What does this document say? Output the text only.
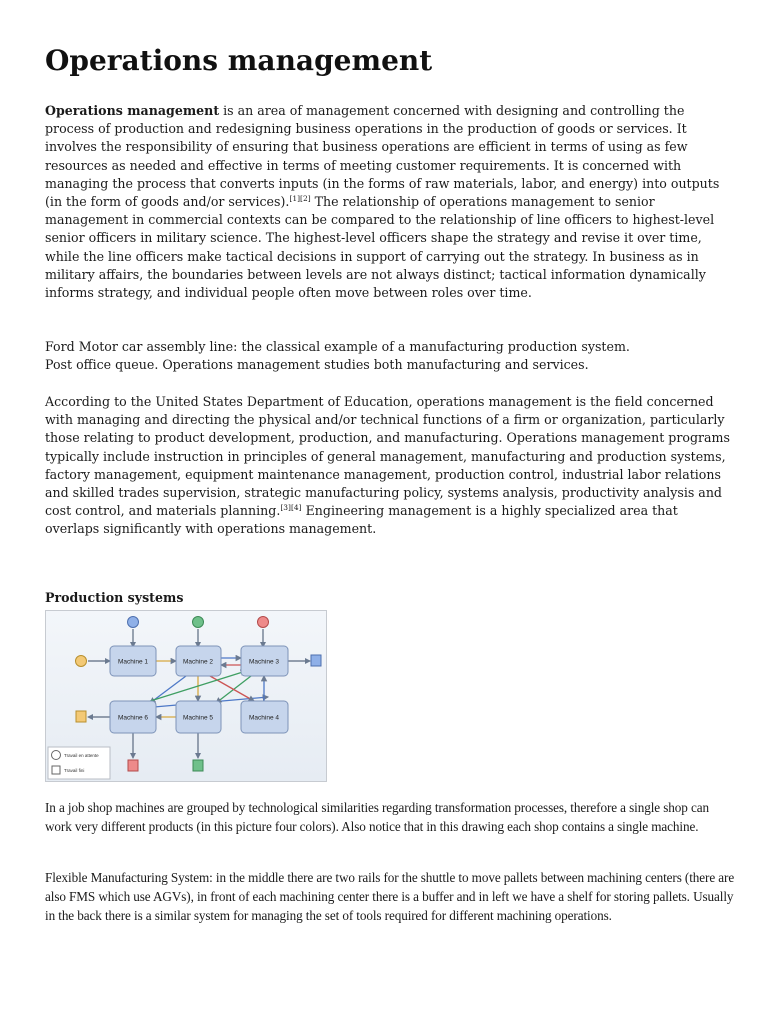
Operations management

Operations management is an area of management concerned with designing and controlling the process of production and redesigning business operations in the production of goods or services. It involves the responsibility of ensuring that business operations are efficient in terms of using as few resources as needed and effective in terms of meeting customer requirements. It is concerned with managing the process that converts inputs (in the forms of raw materials, labor, and energy) into outputs (in the form of goods and/or services).[1][2] The relationship of operations management to senior management in commercial contexts can be compared to the relationship of line officers to highest-level senior officers in military science. The highest-level officers shape the strategy and revise it over time, while the line officers make tactical decisions in support of carrying out the strategy. In business as in military affairs, the boundaries between levels are not always distinct; tactical information dynamically informs strategy, and individual people often move between roles over time.

Ford Motor car assembly line: the classical example of a manufacturing production system.
Post office queue. Operations management studies both manufacturing and services.

According to the United States Department of Education, operations management is the field concerned with managing and directing the physical and/or technical functions of a firm or organization, particularly those relating to product development, production, and manufacturing. Operations management programs typically include instruction in principles of general management, manufacturing and production systems, factory management, equipment maintenance management, production control, industrial labor relations and skilled trades supervision, strategic manufacturing policy, systems analysis, productivity analysis and cost control, and materials planning.[3][4] Engineering management is a highly specialized area that overlaps significantly with operations management.

Production systems
Machine 1	Machine 2	Machine 3
Machine 6	Machine 5	Machine 4
Travail en attente
Travail fini

In a job shop machines are grouped by technological similarities regarding transformation processes, therefore a single shop can work very different products (in this picture four colors). Also notice that in this drawing each shop contains a single machine.

Flexible Manufacturing System: in the middle there are two rails for the shuttle to move pallets between machining centers (there are also FMS which use AGVs), in front of each machining center there is a buffer and in left we have a shelf for storing pallets. Usually in the back there is a similar system for managing the set of tools required for different machining operations.
